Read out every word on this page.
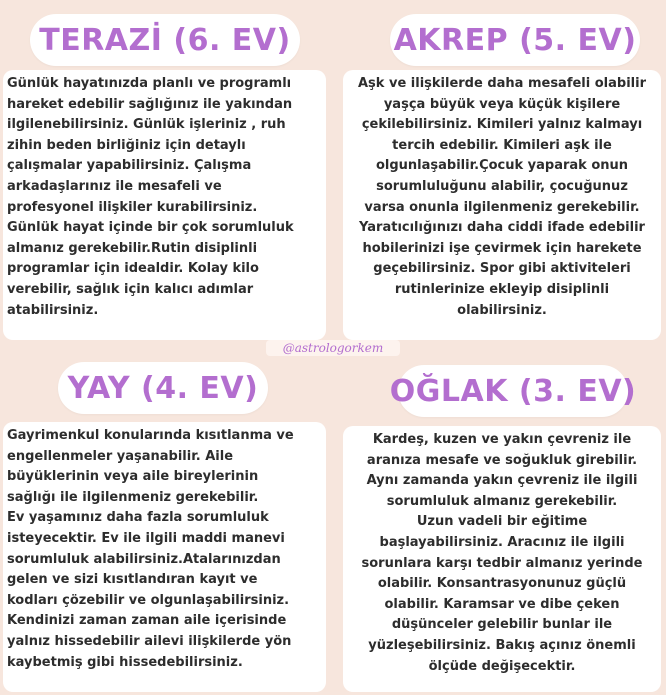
TERAZİ (6. EV)

Günlük hayatınızda planlı ve programlı
hareket edebilir sağlığınız ile yakından
ilgilenebilirsiniz. Günlük işleriniz , ruh
zihin beden birliğiniz için detaylı
çalışmalar yapabilirsiniz. Çalışma
arkadaşlarınız ile mesafeli ve
profesyonel ilişkiler kurabilirsiniz.
Günlük hayat içinde bir çok sorumluluk
almanız gerekebilir.Rutin disiplinli
programlar için idealdir. Kolay kilo
verebilir, sağlık için kalıcı adımlar
atabilirsiniz.

AKREP (5. EV)

Aşk ve ilişkilerde daha mesafeli olabilir
yaşça büyük veya küçük kişilere
çekilebilirsiniz. Kimileri yalnız kalmayı
tercih edebilir. Kimileri aşk ile
olgunlaşabilir.Çocuk yaparak onun
sorumluluğunu alabilir, çocuğunuz
varsa onunla ilgilenmeniz gerekebilir.
Yaratıcılığınızı daha ciddi ifade edebilir
hobilerinizi işe çevirmek için harekete
geçebilirsiniz. Spor gibi aktiviteleri
rutinlerinize ekleyip disiplinli
olabilirsiniz.

YAY (4. EV)

Gayrimenkul konularında kısıtlanma ve
engellenmeler yaşanabilir. Aile
büyüklerinin veya aile bireylerinin
sağlığı ile ilgilenmeniz gerekebilir.
Ev yaşamınız daha fazla sorumluluk
isteyecektir. Ev ile ilgili maddi manevi
sorumluluk alabilirsiniz.Atalarınızdan
gelen ve sizi kısıtlandıran kayıt ve
kodları çözebilir ve olgunlaşabilirsiniz.
Kendinizi zaman zaman aile içerisinde
yalnız hissedebilir ailevi ilişkilerde yön
kaybetmiş gibi hissedebilirsiniz.

OĞLAK (3. EV)

Kardeş, kuzen ve yakın çevreniz ile
aranıza mesafe ve soğukluk girebilir.
Aynı zamanda yakın çevreniz ile ilgili
sorumluluk almanız gerekebilir.
Uzun vadeli bir eğitime
başlayabilirsiniz. Aracınız ile ilgili
sorunlara karşı tedbir almanız yerinde
olabilir. Konsantrasyonunuz güçlü
olabilir. Karamsar ve dibe çeken
düşünceler gelebilir bunlar ile
yüzleşebilirsiniz. Bakış açınız önemli
ölçüde değişecektir.

@astrologorkem
